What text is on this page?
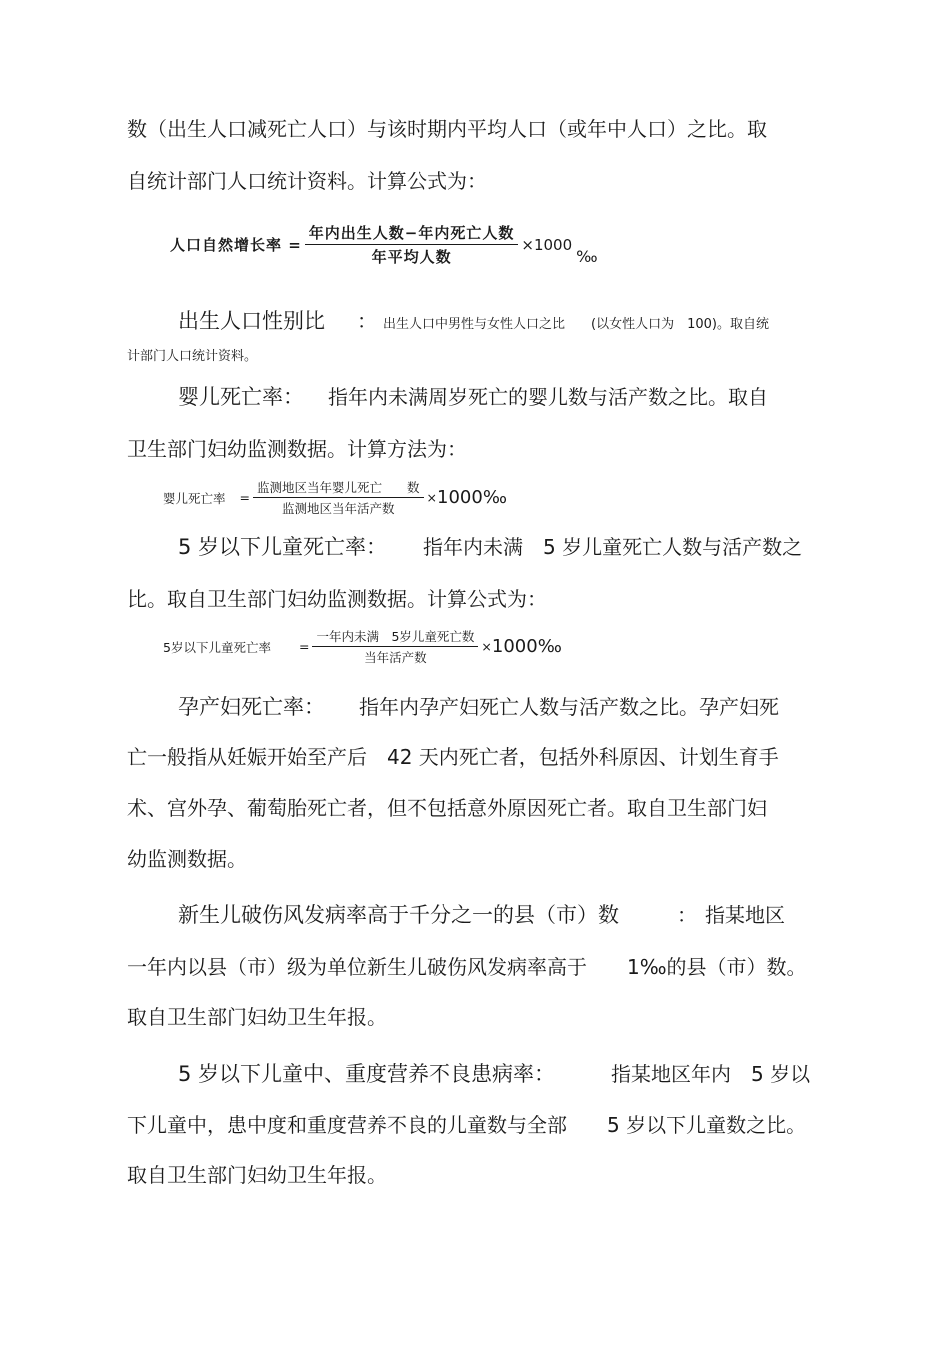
数（出生人口减死亡人口）与该时期内平均人口（或年中人口）之比。取
自统计部门人口统计资料。计算公式为：
人口自然增长率 = $\frac{\text{年内出生人数−年内死亡人数}}{\text{年平均人数}} \times 1000$
‰
出生人口性别比 ： 出生人口中男性与女性人口之比　　(以女性人口为　100)。取自统
计部门人口统计资料。
婴儿死亡率： 指年内未满周岁死亡的婴儿数与活产数之比。取自
卫生部门妇幼监测数据。计算方法为：
婴儿死亡率 = $\frac{\text{监测地区当年婴儿死亡　　数}}{\text{监测地区当年活产数}} \times 1000$ ‰
5 岁以下儿童死亡率： 指年内未满　5 岁儿童死亡人数与活产数之
比。取自卫生部门妇幼监测数据。计算公式为：
5岁以下儿童死亡率 = $\frac{\text{一年内未满　5岁儿童死亡数}}{\text{当年活产数}} \times 1000$ ‰
孕产妇死亡率： 指年内孕产妇死亡人数与活产数之比。孕产妇死
亡一般指从妊娠开始至产后　42 天内死亡者，包括外科原因、计划生育手
术、宫外孕、葡萄胎死亡者，但不包括意外原因死亡者。取自卫生部门妇
幼监测数据。
新生儿破伤风发病率高于千分之一的县（市）数	： 指某地区
一年内以县（市）级为单位新生儿破伤风发病率高于　　1‰的县（市）数。
取自卫生部门妇幼卫生年报。
5 岁以下儿童中、重度营养不良患病率：	指某地区年内　5 岁以
下儿童中，患中度和重度营养不良的儿童数与全部　　5 岁以下儿童数之比。
取自卫生部门妇幼卫生年报。
